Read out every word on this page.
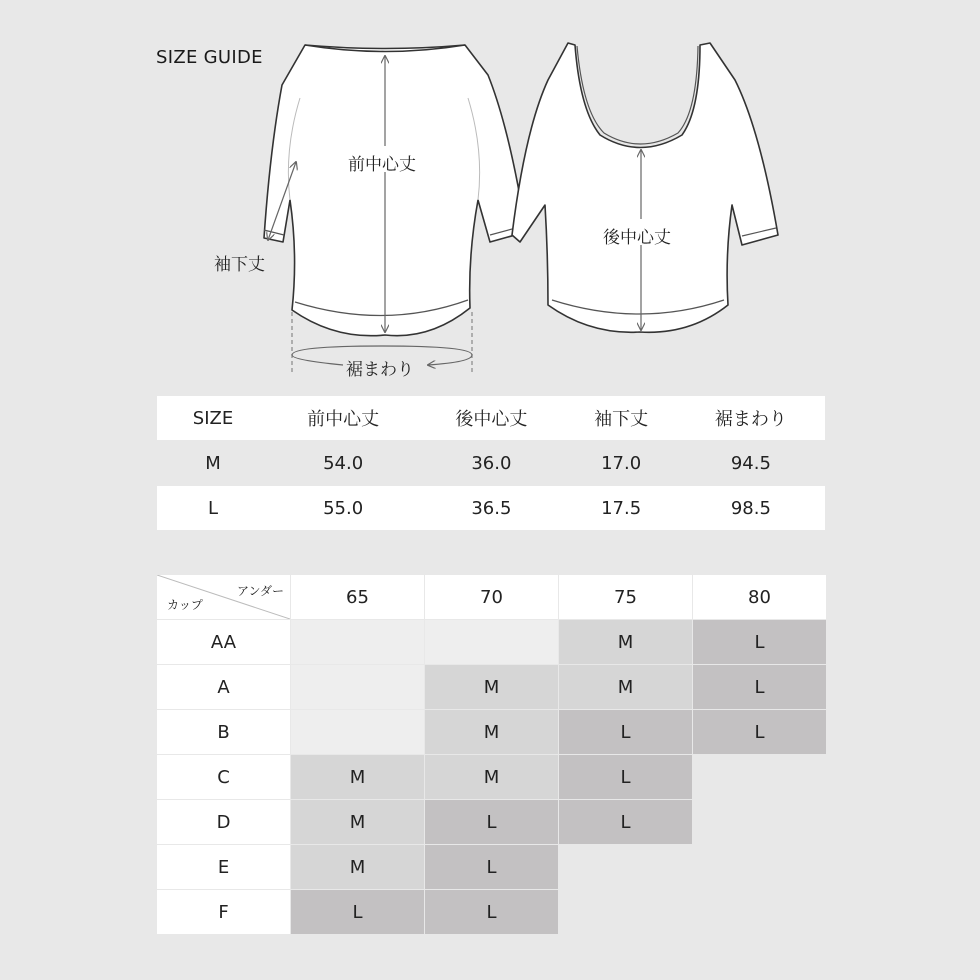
SIZE GUIDE
前中心丈
後中心丈
袖下丈
裾まわり
SIZE	前中心丈	後中心丈	袖下丈	裾まわり

M	54.0	36.0	17.0	94.5

L	55.0	36.5	17.5	98.5
アンダー
カップ	65	70	75	80
AA			M	L
A		M	M	L
B		M	L	L
C	M	M	L	
D	M	L	L	
E	M	L		
F	L	L		
